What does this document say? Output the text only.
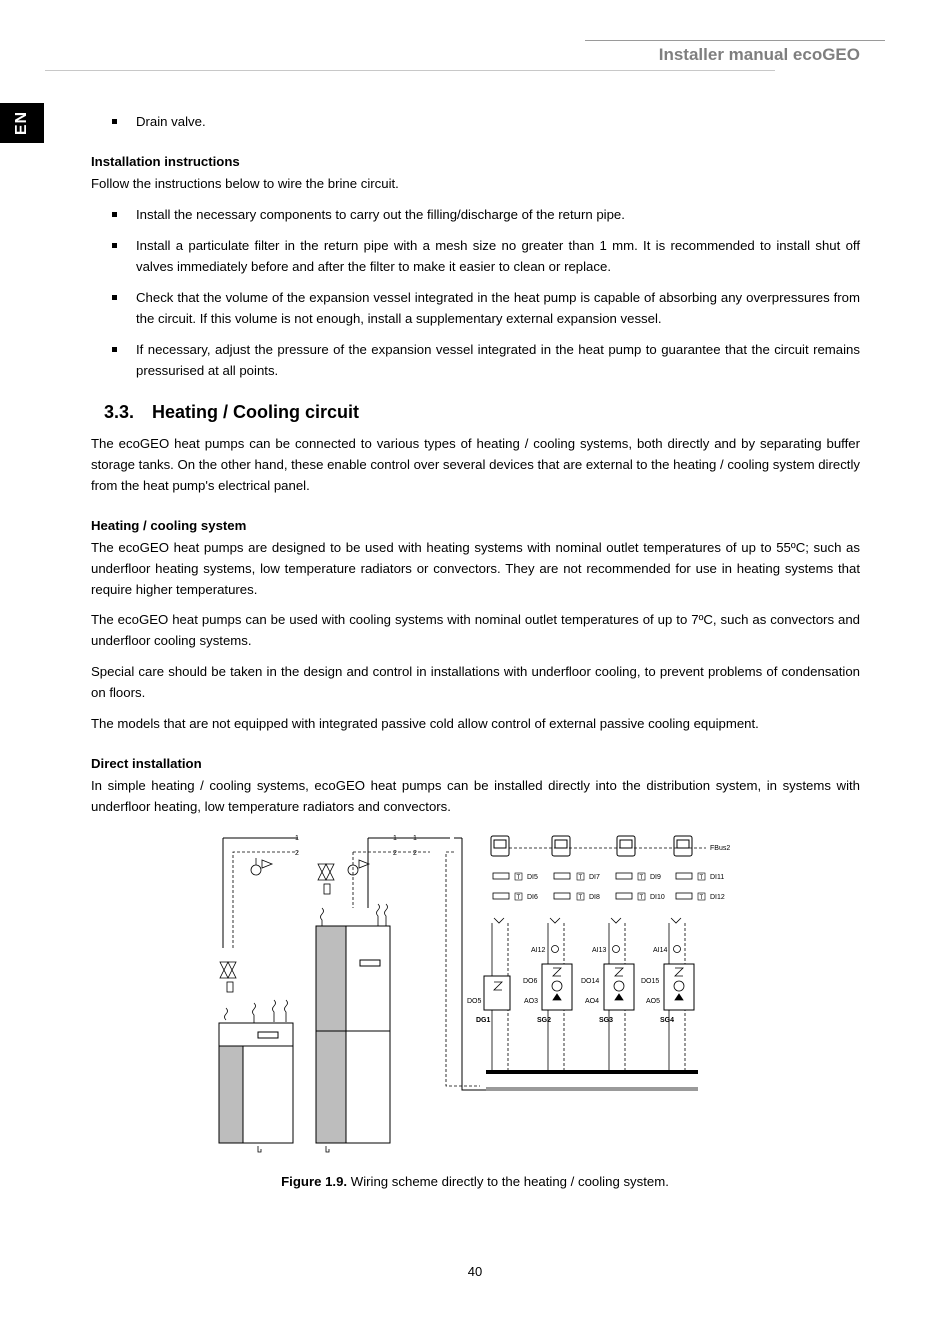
Installer manual ecoGEO
EN	Drain valve.
Installation instructions
Follow the instructions below to wire the brine circuit.
Install the necessary components to carry out the filling/discharge of the return pipe.
Install a particulate filter in the return pipe with a mesh size no greater than 1 mm. It is recommended to install shut off valves immediately before and after the filter to make it easier to clean or replace.
Check that the volume of the expansion vessel integrated in the heat pump is capable of absorbing any overpressures from the circuit. If this volume is not enough, install a supplementary external expansion vessel.
If necessary, adjust the pressure of the expansion vessel integrated in the heat pump to guarantee that the circuit remains pressurised at all points.
3.3. Heating / Cooling circuit
The ecoGEO heat pumps can be connected to various types of heating / cooling systems, both directly and by separating buffer storage tanks. On the other hand, these enable control over several devices that are external to the heating / cooling system directly from the heat pump's electrical panel.
Heating / cooling system
The ecoGEO heat pumps are designed to be used with heating systems with nominal outlet temperatures of up to 55ºC; such as underfloor heating systems, low temperature radiators or convectors. They are not recommended for use in heating systems that require higher temperatures.
The ecoGEO heat pumps can be used with cooling systems with nominal outlet temperatures of up to 7ºC, such as convectors and underfloor cooling systems.
Special care should be taken in the design and control in installations with underfloor cooling, to prevent problems of condensation on floors.
The models that are not equipped with integrated passive cold allow control of external passive cooling equipment.
Direct installation
In simple heating / cooling systems, ecoGEO heat pumps can be installed directly into the distribution system, in systems with underfloor heating, low temperature radiators and convectors.
1
2
1
2
1
2
FBus2
T	T	T	T
T	T	T	T
DI5	DI7	DI9	DI11
DI6	DI8	DI10	DI12
AI12	AI13	AI14
DO5
DO6	DO14	DO15
AO3	AO4	AO5
DG1	SG2	SG3	SG4
Figure 1.9. Wiring scheme directly to the heating / cooling system.
40
